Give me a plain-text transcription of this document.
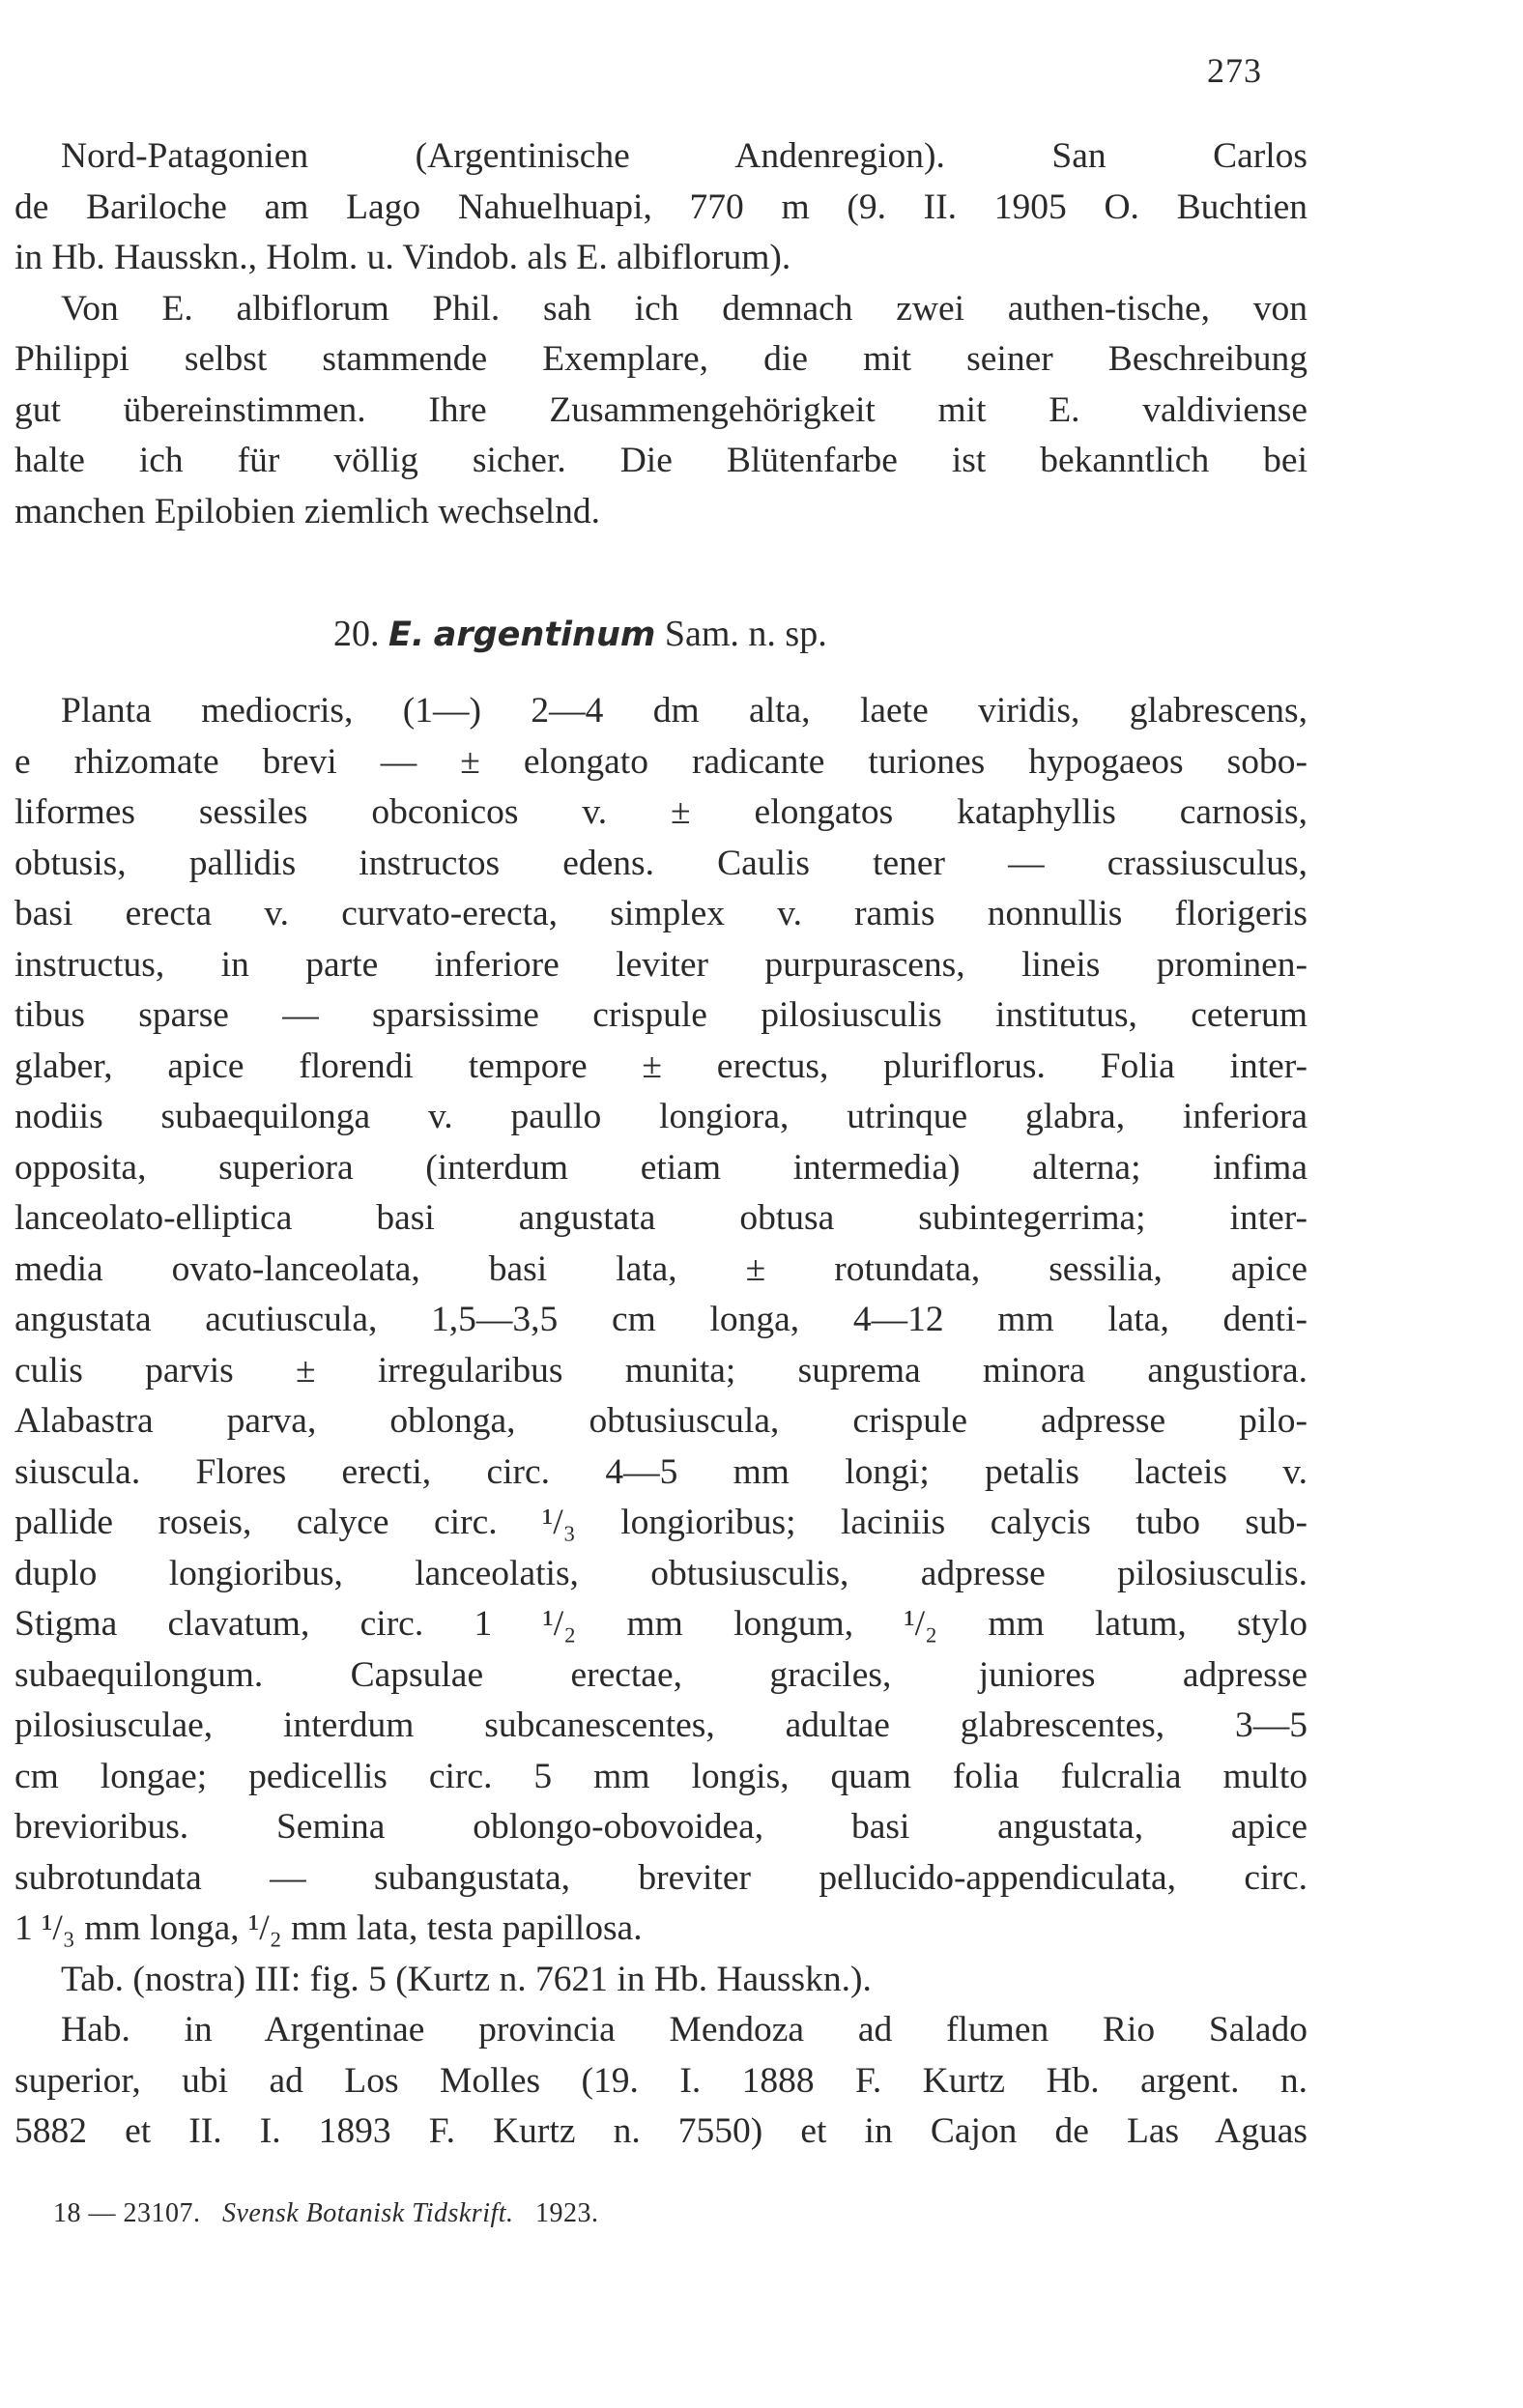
273
Nord-Patagonien (Argentinische Andenregion). San Carlos
de Bariloche am Lago Nahuelhuapi, 770 m (9. II. 1905 O. Buchtien
in Hb. Hausskn., Holm. u. Vindob. als E. albiflorum).
Von E. albiflorum Phil. sah ich demnach zwei authen-tische, von
Philippi selbst stammende Exemplare, die mit seiner Beschreibung
gut übereinstimmen. Ihre Zusammengehörigkeit mit E. valdiviense
halte ich für völlig sicher. Die Blütenfarbe ist bekanntlich bei
manchen Epilobien ziemlich wechselnd.
20. E. argentinum Sam. n. sp.
Planta mediocris, (1—) 2—4 dm alta, laete viridis, glabrescens,
e rhizomate brevi — ± elongato radicante turiones hypogaeos sobo-
liformes sessiles obconicos v. ± elongatos kataphyllis carnosis,
obtusis, pallidis instructos edens. Caulis tener — crassiusculus,
basi erecta v. curvato-erecta, simplex v. ramis nonnullis florigeris
instructus, in parte inferiore leviter purpurascens, lineis prominen-
tibus sparse — sparsissime crispule pilosiusculis institutus, ceterum
glaber, apice florendi tempore ± erectus, pluriflorus. Folia inter-
nodiis subaequilonga v. paullo longiora, utrinque glabra, inferiora
opposita, superiora (interdum etiam intermedia) alterna; infima
lanceolato-elliptica basi angustata obtusa subintegerrima; inter-
media ovato-lanceolata, basi lata, ± rotundata, sessilia, apice
angustata acutiuscula, 1,5—3,5 cm longa, 4—12 mm lata, denti-
culis parvis ± irregularibus munita; suprema minora angustiora.
Alabastra parva, oblonga, obtusiuscula, crispule adpresse pilo-
siuscula. Flores erecti, circ. 4—5 mm longi; petalis lacteis v.
pallide roseis, calyce circ. ¹/₃ longioribus; laciniis calycis tubo sub-
duplo longioribus, lanceolatis, obtusiusculis, adpresse pilosiusculis.
Stigma clavatum, circ. 1 ¹/₂ mm longum, ¹/₂ mm latum, stylo
subaequilongum. Capsulae erectae, graciles, juniores adpresse
pilosiusculae, interdum subcanescentes, adultae glabrescentes, 3—5
cm longae; pedicellis circ. 5 mm longis, quam folia fulcralia multo
brevioribus. Semina oblongo-obovoidea, basi angustata, apice
subrotundata — subangustata, breviter pellucido-appendiculata, circ.
1 ¹/₃ mm longa, ¹/₂ mm lata, testa papillosa.
Tab. (nostra) III: fig. 5 (Kurtz n. 7621 in Hb. Hausskn.).
Hab. in Argentinae provincia Mendoza ad flumen Rio Salado
superior, ubi ad Los Molles (19. I. 1888 F. Kurtz Hb. argent. n.
5882 et II. I. 1893 F. Kurtz n. 7550) et in Cajon de Las Aguas
18 — 23107. Svensk Botanisk Tidskrift. 1923.
